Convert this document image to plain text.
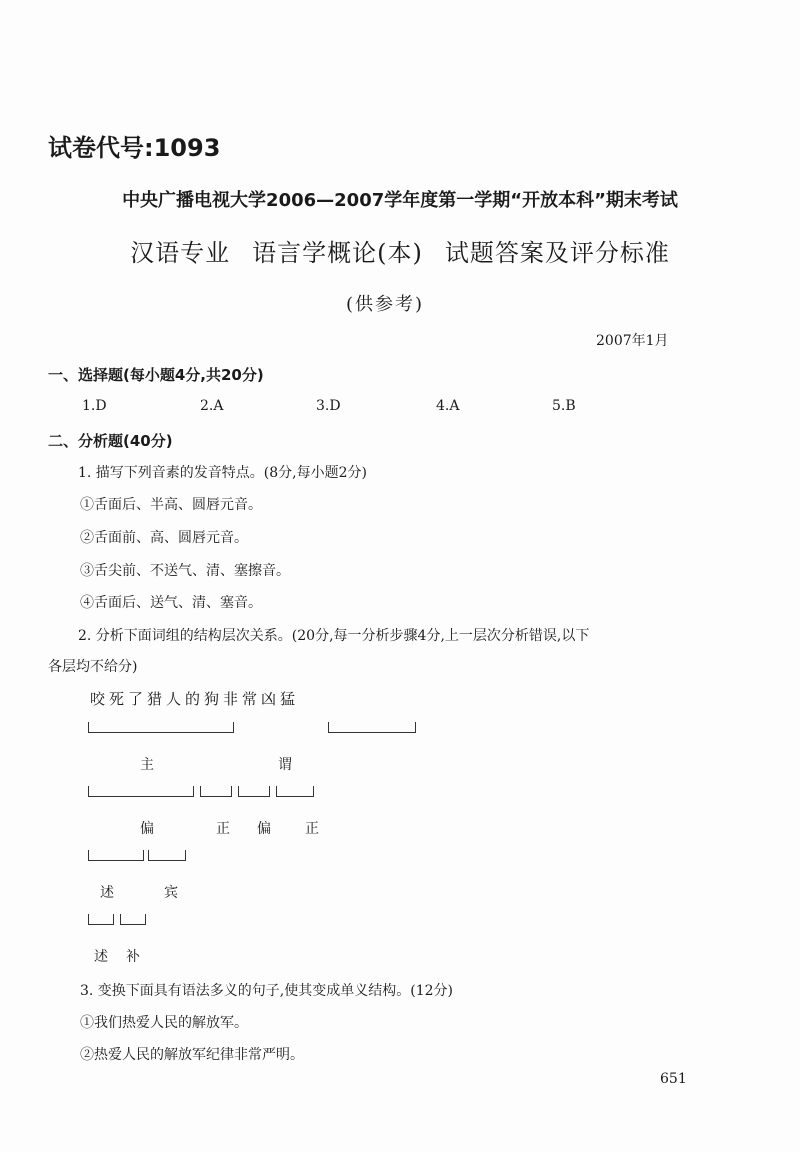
试卷代号:1093
中央广播电视大学2006—2007学年度第一学期“开放本科”期末考试
汉语专业 语言学概论(本) 试题答案及评分标准
(供参考)
2007年1月
一、选择题(每小题4分,共20分)
1.D	2.A	3.D	4.A	5.B
二、分析题(40分)
1. 描写下列音素的发音特点。(8分,每小题2分)
①舌面后、半高、圆唇元音。
②舌面前、高、圆唇元音。
③舌尖前、不送气、清、塞擦音。
④舌面后、送气、清、塞音。
2. 分析下面词组的结构层次关系。(20分,每一分析步骤4分,上一层次分析错误,以下
各层均不给分)
咬死了猎人的狗非常凶猛
主	谓
偏	正 偏 正
述	宾
述 补
3. 变换下面具有语法多义的句子,使其变成单义结构。(12分)
①我们热爱人民的解放军。
②热爱人民的解放军纪律非常严明。
651
